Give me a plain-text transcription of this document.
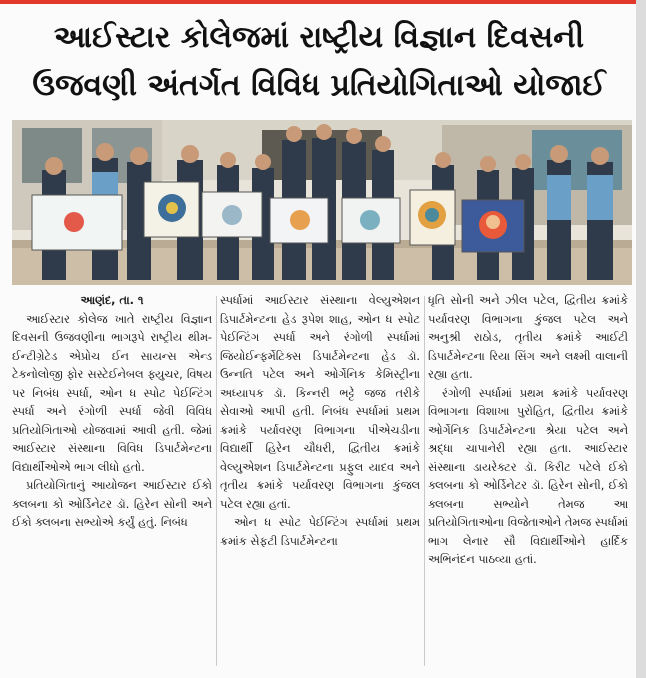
આઈસ્ટાર કોલેજમાં રાષ્ટ્રીય વિજ્ઞાન દિવસની
ઉજવણી અંતર્ગત વિવિધ પ્રતિયોગિતાઓ યોજાઈ
આણંદ, તા. ૧
આઈસ્ટાર કોલેજ ખાતે રાષ્ટ્રીય વિજ્ઞાન દિવસની ઉજવણીના ભાગરૂપે રાષ્ટ્રીય થીમ- ઈન્ટીગ્રેટેડ એપ્રોચ ઈન સાયન્સ એન્ડ ટેકનોલોજી ફોર સસ્ટેઈનેબલ ફ્યુચર, વિષય પર નિબંધ સ્પર્ધા, ઓન ધ સ્પોટ પેઈન્ટિંગ સ્પર્ધા અને રંગોળી સ્પર્ધા જેવી વિવિધ પ્રતિયોગિતાઓ યોજવામાં આવી હતી. જેમાં આઈસ્ટાર સંસ્થાના વિવિધ ડિપાર્ટમેન્ટના વિદ્યાર્થીઓએ ભાગ લીધો હતો.
પ્રતિયોગિતાનું આયોજન આઈસ્ટાર ઈકો ક્લબના કો ઓર્ડિનેટર ડૉ. હિરેન સોની અને ઈકો ક્લબના સભ્યોએ કર્યું હતું. નિબંધ
સ્પર્ધામાં આઈસ્ટાર સંસ્થાના વેલ્યુએશન ડિપાર્ટમેન્ટના હેડ રૂપેશ શાહ, ઓન ધ સ્પોટ પેઈન્ટિંગ સ્પર્ધા અને રંગોળી સ્પર્ધામાં જિયોઈન્ફર્મેટિક્સ ડિપાર્ટમેન્ટના હેડ ડૉ. ઉન્નતિ પટેલ અને ઓર્ગેનિક કેમિસ્ટ્રીના અધ્યાપક ડૉ. કિન્નરી ભટ્ટે જજ તરીકે સેવાઓ આપી હતી. નિબંધ સ્પર્ધામાં પ્રથમ ક્રમાંકે પર્યાવરણ વિભાગના પીએચડીના વિદ્યાર્થી હિરેન ચૌધરી, દ્વિતીય ક્રમાંકે વેલ્યુએશન ડિપાર્ટમેન્ટના પ્રફુલ યાદવ અને તૃતીય ક્રમાંકે પર્યાવરણ વિભાગના કુંજલ પટેલ રહ્યા હતાં.
ઓન ધ સ્પોટ પેઈન્ટિંગ સ્પર્ધામાં પ્રથમ ક્રમાંક સેફટી ડિપાર્ટમેન્ટના
ધૃતિ સોની અને ઝીલ પટેલ, દ્વિતીય ક્રમાંકે પર્યાવરણ વિભાગના કુંજલ પટેલ અને અનુશ્રી રાઠોડ, તૃતીય ક્રમાંકે આઈટી ડિપાર્ટમેન્ટના રિયા સિંગ અને લક્ષ્મી વાલાની રહ્યા હતા.
રંગોળી સ્પર્ધામાં પ્રથમ ક્રમાંકે પર્યાવરણ વિભાગના વિશાખા પુરોહિત, દ્વિતીય ક્રમાંકે ઓર્ગેનિક ડિપાર્ટમેન્ટના શ્રેયા પટેલ અને શ્રદ્ધા ચાપાનેરી રહ્યા હતા. આઈસ્ટાર સંસ્થાના ડાયરેક્ટર ડૉ. કિરીટ પટેલે ઈકો ક્લબના કો ઓર્ડિનેટર ડૉ. હિરેન સોની, ઈકો ક્લબના સભ્યોને તેમજ આ પ્રતિયોગિતાઓના વિજેતાઓને તેમજ સ્પર્ધામાં ભાગ લેનાર સૌ વિદ્યાર્થીઓને હાર્દિક અભિનંદન પાઠવ્યા હતાં.
